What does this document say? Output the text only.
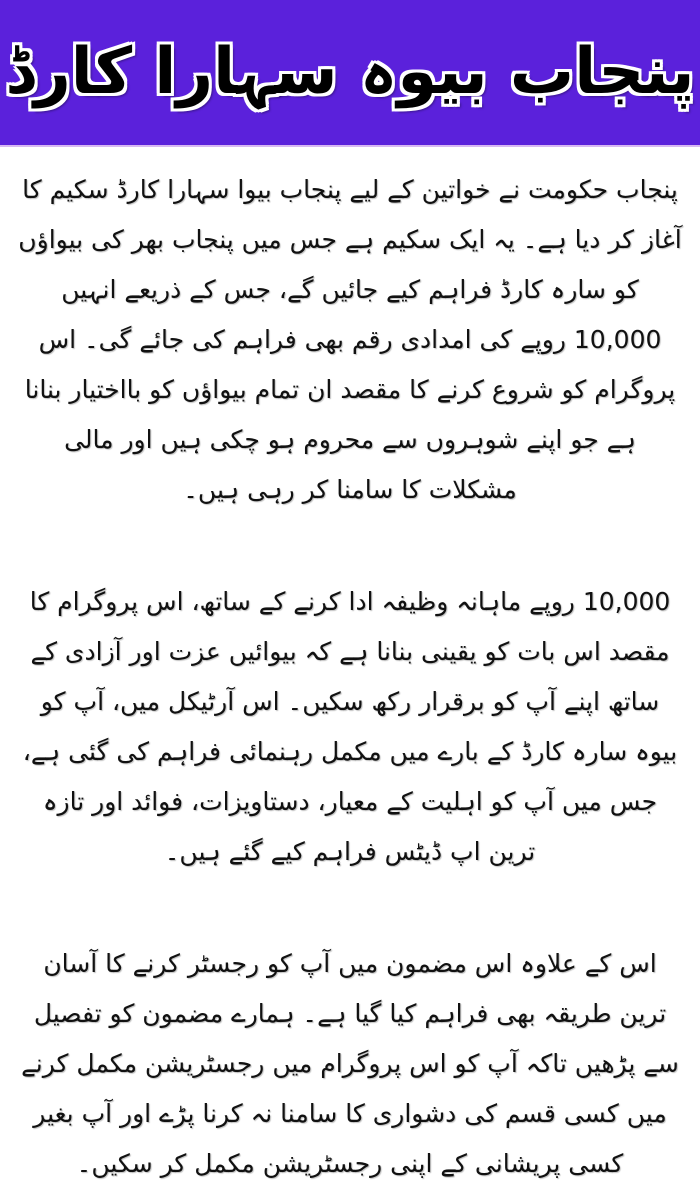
پنجاب بیوہ سہارا کارڈ

پنجاب حکومت نے خواتین کے لیے پنجاب بیوا سہارا کارڈ سکیم کا آغاز کر دیا ہے۔ یہ ایک سکیم ہے جس میں پنجاب بھر کی بیواؤں کو سارہ کارڈ فراہم کیے جائیں گے، جس کے ذریعے انہیں 10,000 روپے کی امدادی رقم بھی فراہم کی جائے گی۔ اس پروگرام کو شروع کرنے کا مقصد ان تمام بیواؤں کو بااختیار بنانا ہے جو اپنے شوہروں سے محروم ہو چکی ہیں اور مالی مشکلات کا سامنا کر رہی ہیں۔

10,000 روپے ماہانہ وظیفہ ادا کرنے کے ساتھ، اس پروگرام کا مقصد اس بات کو یقینی بنانا ہے کہ بیوائیں عزت اور آزادی کے ساتھ اپنے آپ کو برقرار رکھ سکیں۔ اس آرٹیکل میں، آپ کو بیوہ سارہ کارڈ کے بارے میں مکمل رہنمائی فراہم کی گئی ہے، جس میں آپ کو اہلیت کے معیار، دستاویزات، فوائد اور تازہ ترین اپ ڈیٹس فراہم کیے گئے ہیں۔

اس کے علاوہ اس مضمون میں آپ کو رجسٹر کرنے کا آسان ترین طریقہ بھی فراہم کیا گیا ہے۔ ہمارے مضمون کو تفصیل سے پڑھیں تاکہ آپ کو اس پروگرام میں رجسٹریشن مکمل کرنے میں کسی قسم کی دشواری کا سامنا نہ کرنا پڑے اور آپ بغیر کسی پریشانی کے اپنی رجسٹریشن مکمل کر سکیں۔
